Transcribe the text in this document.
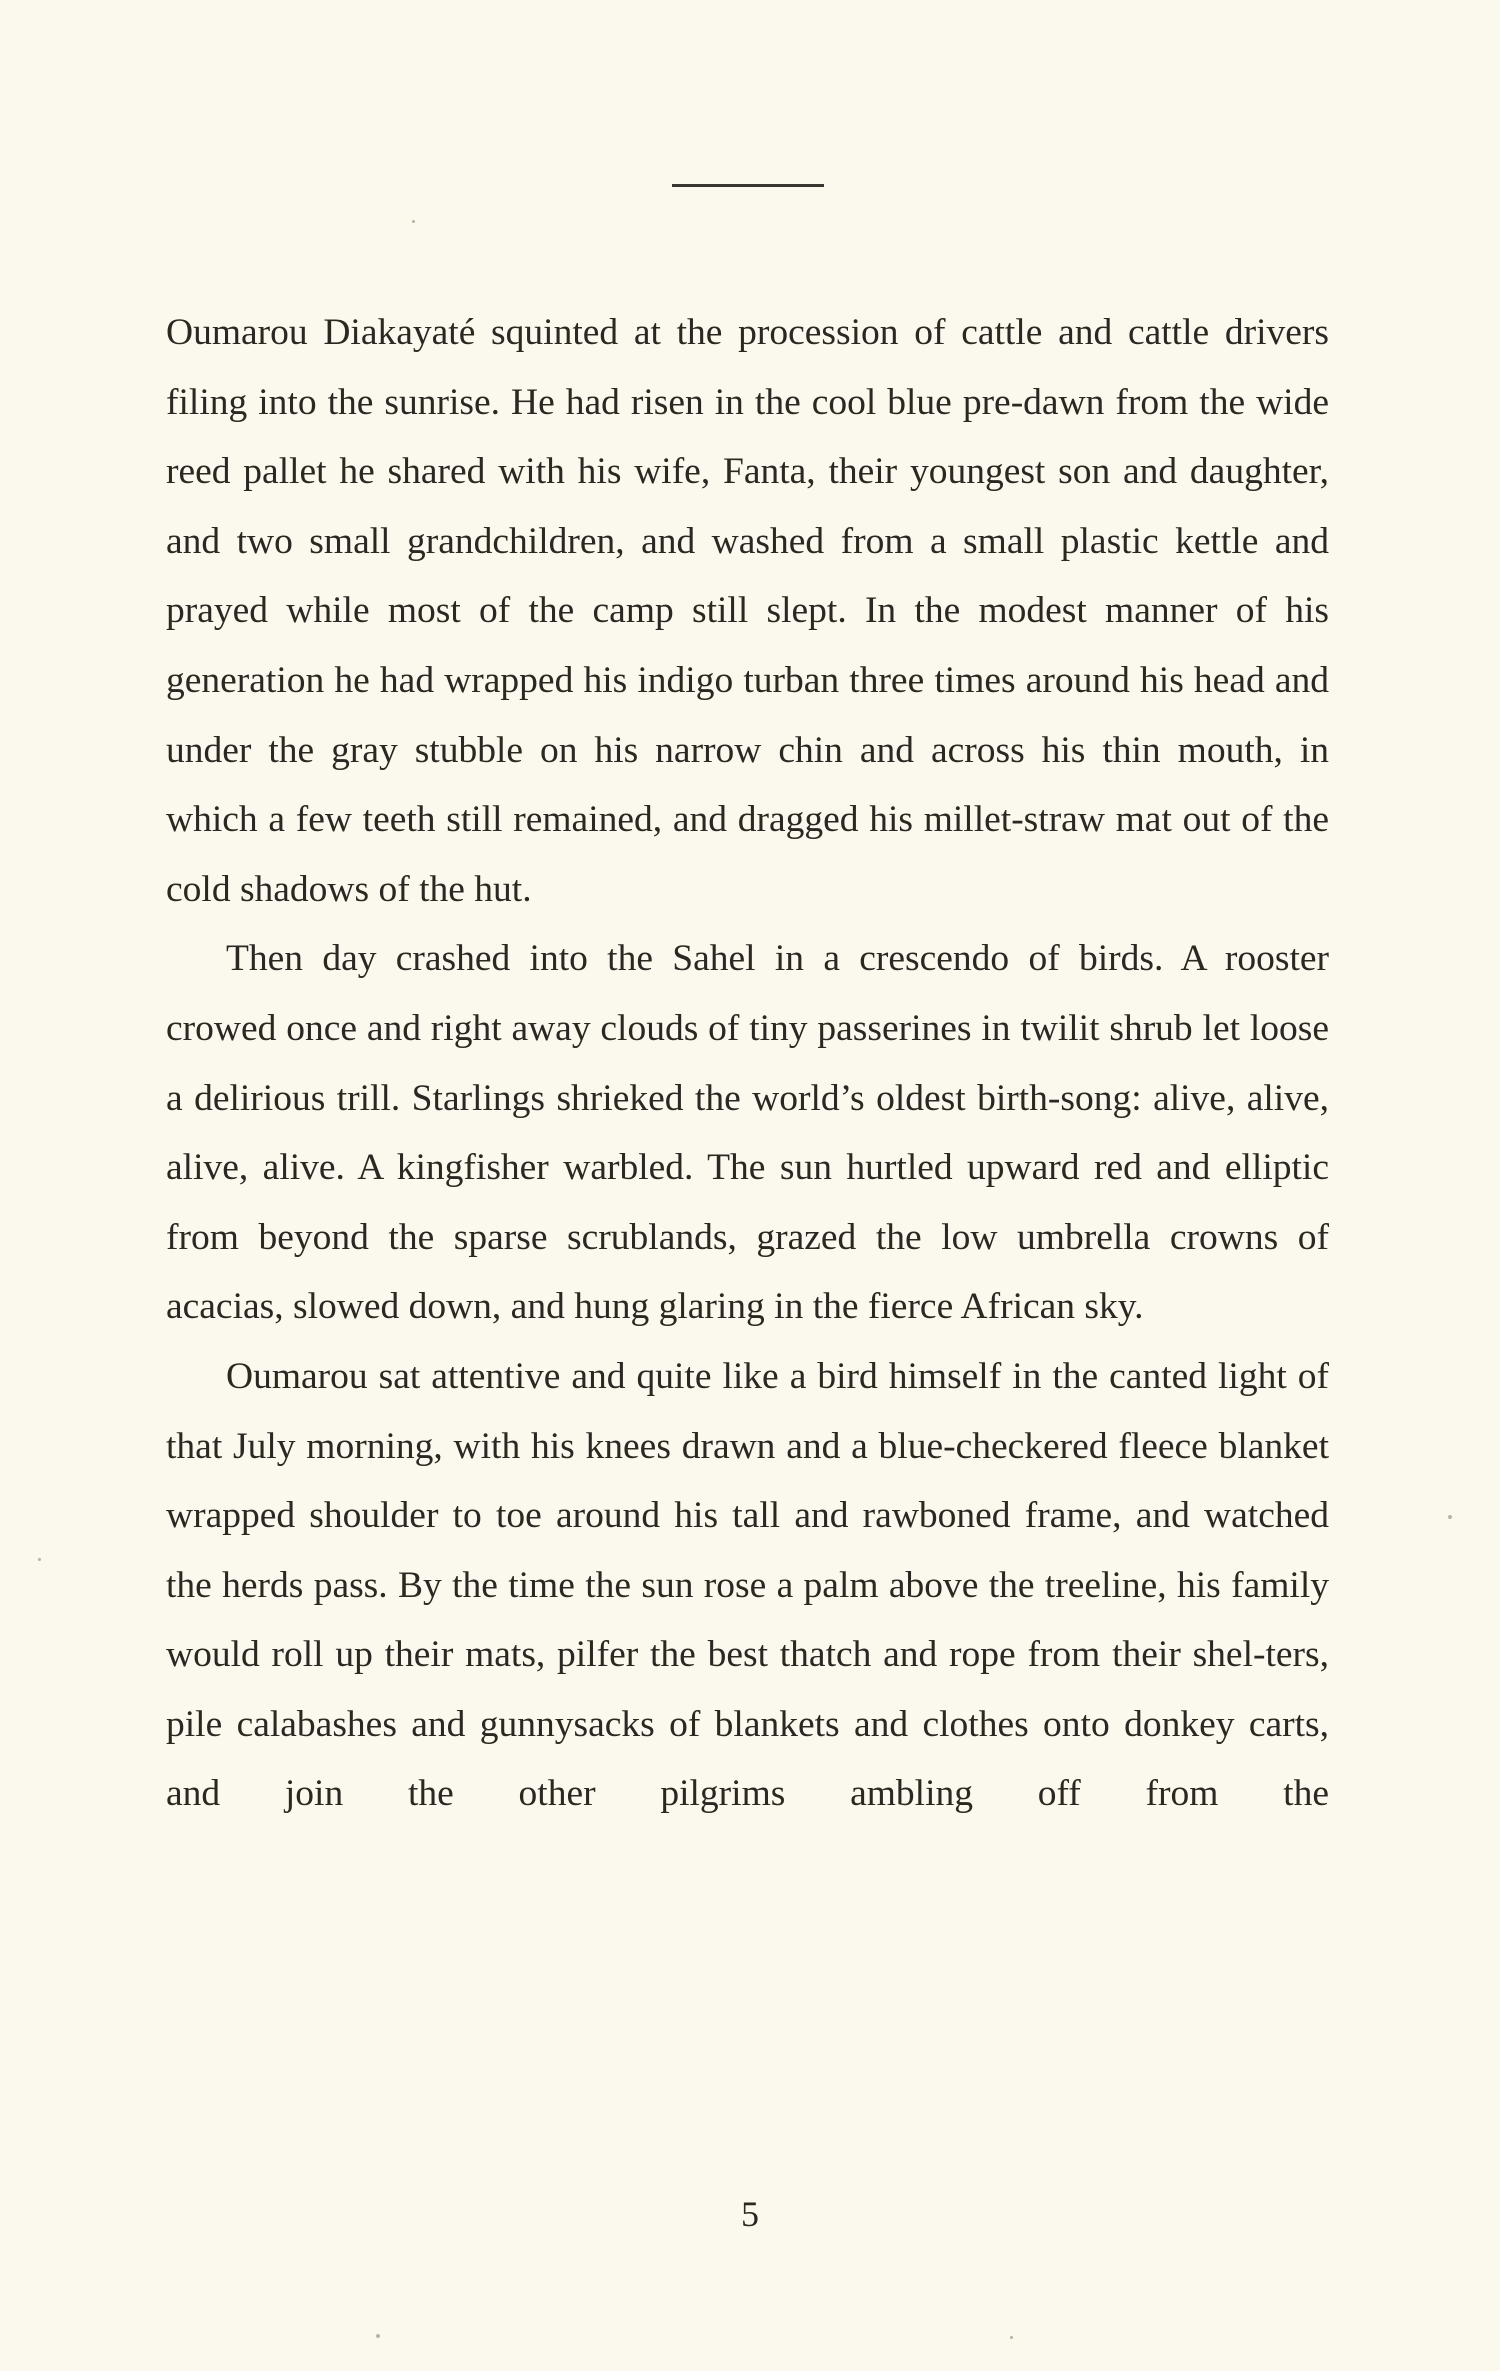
Oumarou Diakayaté squinted at the procession of cattle and cattle drivers filing into the sunrise. He had risen in the cool blue pre-dawn from the wide reed pallet he shared with his wife, Fanta, their youngest son and daughter, and two small grandchildren, and washed from a small plastic kettle and prayed while most of the camp still slept. In the modest manner of his generation he had wrapped his indigo turban three times around his head and under the gray stubble on his narrow chin and across his thin mouth, in which a few teeth still remained, and dragged his millet-straw mat out of the cold shadows of the hut.

Then day crashed into the Sahel in a crescendo of birds. A rooster crowed once and right away clouds of tiny passerines in twilit shrub let loose a delirious trill. Starlings shrieked the world’s oldest birth-song: alive, alive, alive, alive. A kingfisher warbled. The sun hurtled upward red and elliptic from beyond the sparse scrublands, grazed the low umbrella crowns of acacias, slowed down, and hung glaring in the fierce African sky.

Oumarou sat attentive and quite like a bird himself in the canted light of that July morning, with his knees drawn and a blue-checkered fleece blanket wrapped shoulder to toe around his tall and rawboned frame, and watched the herds pass. By the time the sun rose a palm above the treeline, his family would roll up their mats, pilfer the best thatch and rope from their shel-ters, pile calabashes and gunnysacks of blankets and clothes onto donkey carts, and join the other pilgrims ambling off from the

5
